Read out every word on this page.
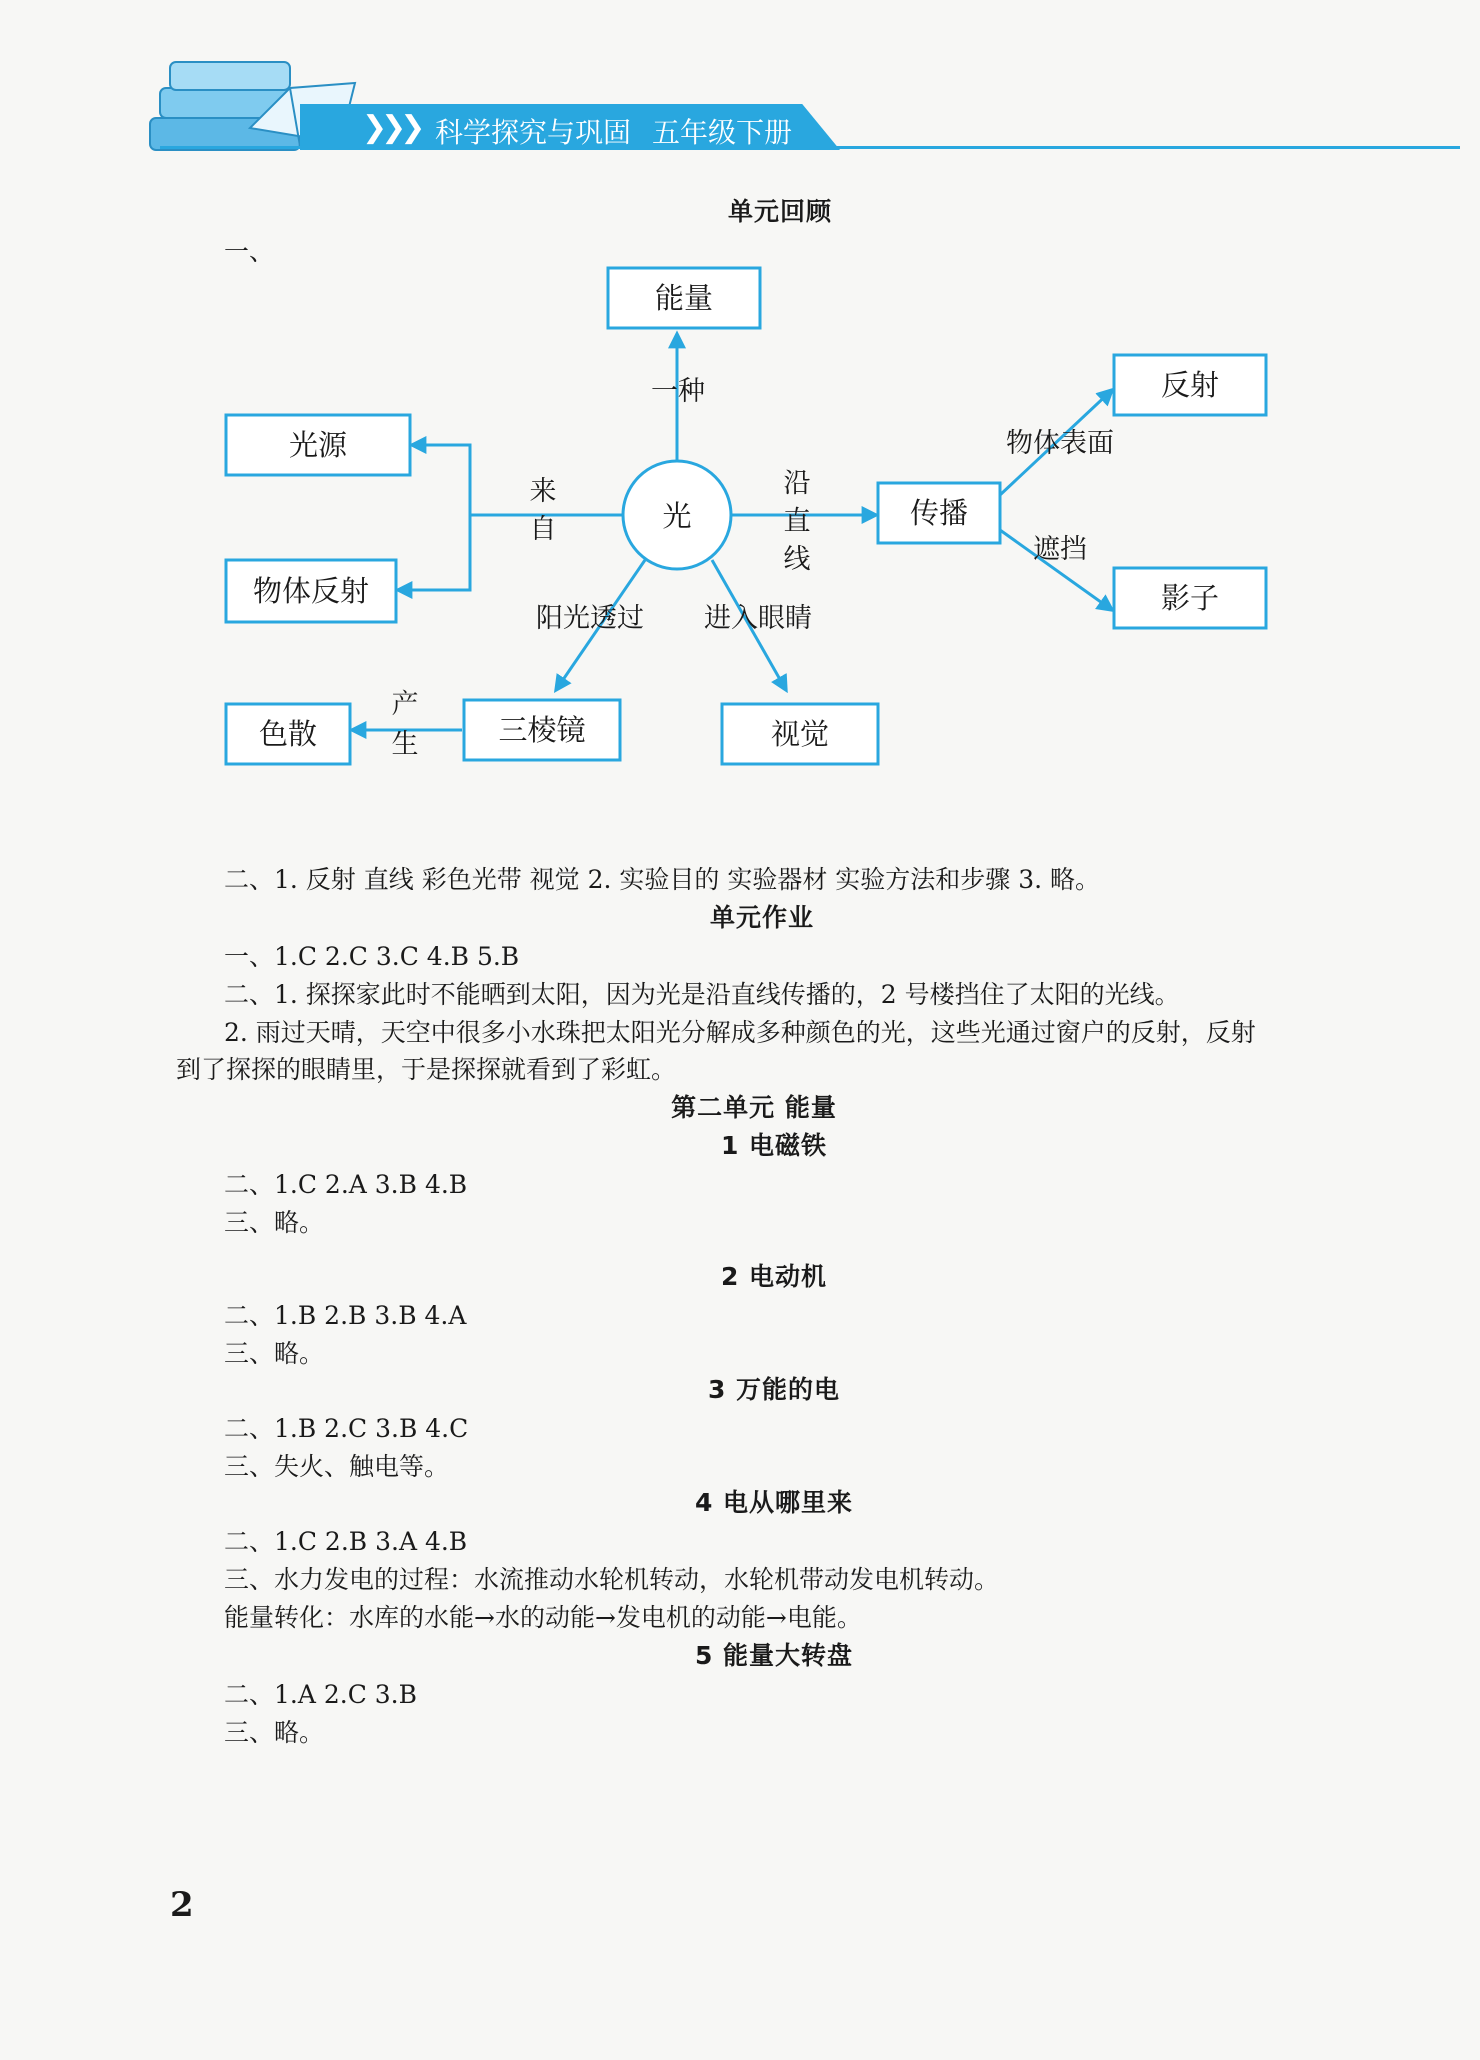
❯❯❯ 科学探究与巩固 五年级下册
单元回顾
一、
光
能量
光源
物体反射
传播
反射
影子
三棱镜
色散	视觉
一种
来
自
沿
直
线
物体表面
遮挡
阳光透过 进入眼睛
产
生
二、1. 反射 直线 彩色光带 视觉 2. 实验目的 实验器材 实验方法和步骤 3. 略。
单元作业
一、1.C 2.C 3.C 4.B 5.B
二、1. 探探家此时不能晒到太阳，因为光是沿直线传播的，2 号楼挡住了太阳的光线。
2. 雨过天晴，天空中很多小水珠把太阳光分解成多种颜色的光，这些光通过窗户的反射，反射
到了探探的眼睛里，于是探探就看到了彩虹。
第二单元 能量
1 电磁铁
二、1.C 2.A 3.B 4.B
三、略。
2 电动机
二、1.B 2.B 3.B 4.A
三、略。
3 万能的电
二、1.B 2.C 3.B 4.C
三、失火、触电等。
4 电从哪里来
二、1.C 2.B 3.A 4.B
三、水力发电的过程：水流推动水轮机转动，水轮机带动发电机转动。
能量转化：水库的水能→水的动能→发电机的动能→电能。
5 能量大转盘
二、1.A 2.C 3.B
三、略。
2
